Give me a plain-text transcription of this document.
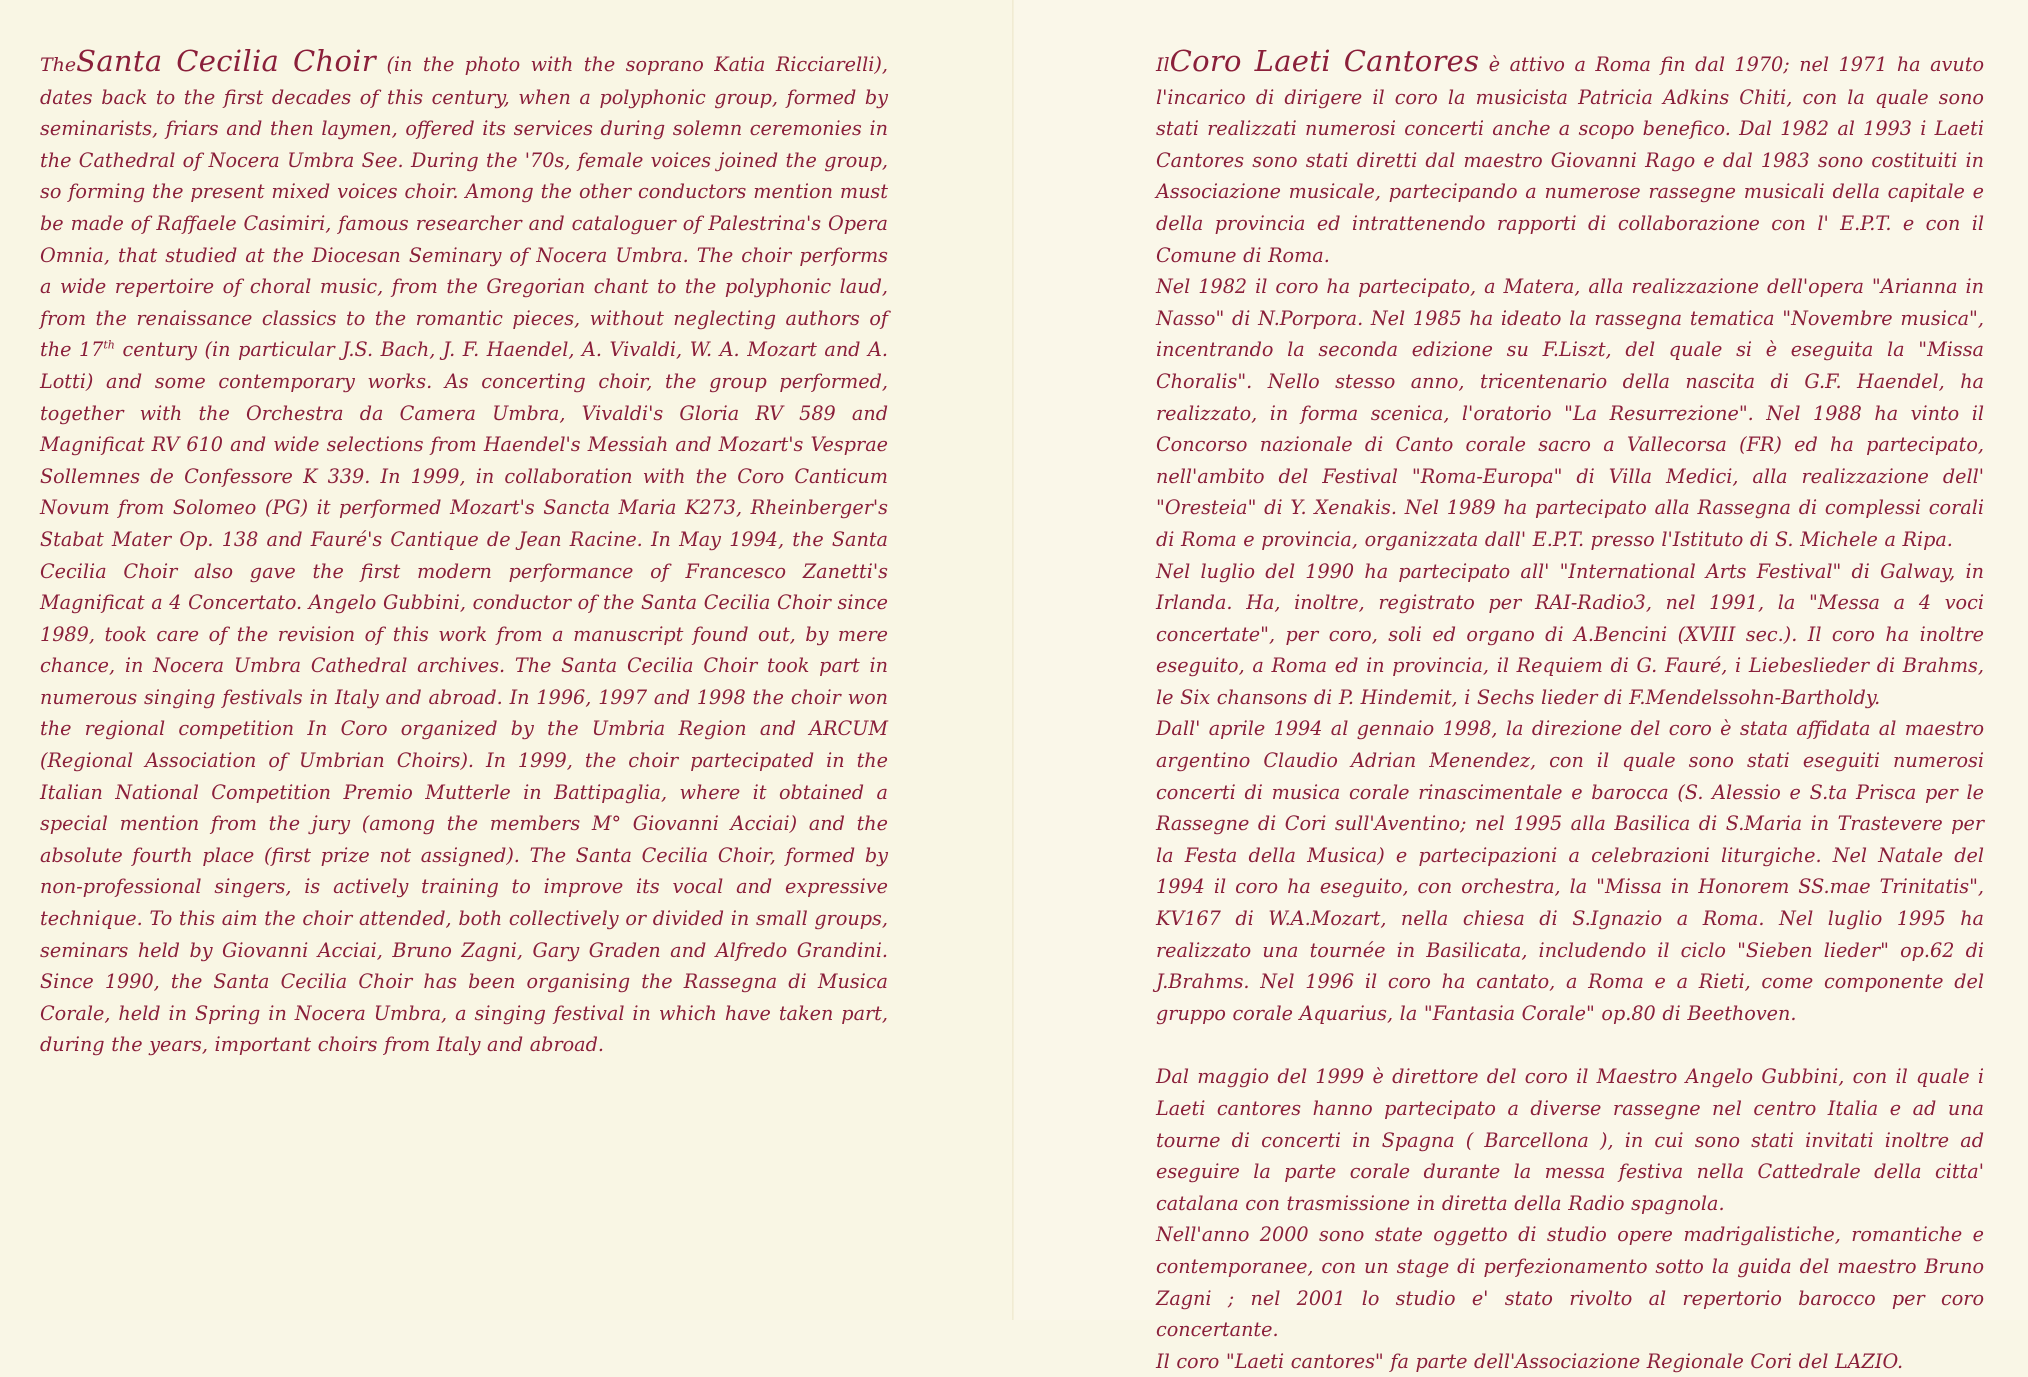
TheSanta Cecilia Choir (in the photo with the soprano Katia Ricciarelli), dates back to the first decades of this century, when a polyphonic group, formed by seminarists, friars and then laymen, offered its services during solemn ceremonies in the Cathedral of Nocera Umbra See. During the '70s, female voices joined the group, so forming the present mixed voices choir. Among the other conductors mention must be made of Raffaele Casimiri, famous researcher and cataloguer of Palestrina's Opera Omnia, that studied at the Diocesan Seminary of Nocera Umbra. The choir performs a wide repertoire of choral music, from the Gregorian chant to the polyphonic laud, from the renaissance classics to the romantic pieces, without neglecting authors of the 17th century (in particular J.S. Bach, J. F. Haendel, A. Vivaldi, W. A. Mozart and A. Lotti) and some contemporary works. As concerting choir, the group performed, together with the Orchestra da Camera Umbra, Vivaldi's Gloria RV 589 and Magnificat RV 610 and wide selections from Haendel's Messiah and Mozart's Vesprae Sollemnes de Confessore K 339. In 1999, in collaboration with the Coro Canticum Novum from Solomeo (PG) it performed Mozart's Sancta Maria K273, Rheinberger's Stabat Mater Op. 138 and Fauré's Cantique de Jean Racine. In May 1994, the Santa Cecilia Choir also gave the first modern performance of Francesco Zanetti's Magnificat a 4 Concertato. Angelo Gubbini, conductor of the Santa Cecilia Choir since 1989, took care of the revision of this work from a manuscript found out, by mere chance, in Nocera Umbra Cathedral archives. The Santa Cecilia Choir took part in numerous singing festivals in Italy and abroad. In 1996, 1997 and 1998 the choir won the regional competition In Coro organized by the Umbria Region and ARCUM (Regional Association of Umbrian Choirs). In 1999, the choir partecipated in the Italian National Competition Premio Mutterle in Battipaglia, where it obtained a special mention from the jury (among the members M° Giovanni Acciai) and the absolute fourth place (first prize not assigned). The Santa Cecilia Choir, formed by non-professional singers, is actively training to improve its vocal and expressive technique. To this aim the choir attended, both collectively or divided in small groups, seminars held by Giovanni Acciai, Bruno Zagni, Gary Graden and Alfredo Grandini. Since 1990, the Santa Cecilia Choir has been organising the Rassegna di Musica Corale, held in Spring in Nocera Umbra, a singing festival in which have taken part, during the years, important choirs from Italy and abroad.

IlCoro Laeti Cantores è attivo a Roma fin dal 1970; nel 1971 ha avuto l'incarico di dirigere il coro la musicista Patricia Adkins Chiti, con la quale sono stati realizzati numerosi concerti anche a scopo benefico. Dal 1982 al 1993 i Laeti Cantores sono stati diretti dal maestro Giovanni Rago e dal 1983 sono costituiti in Associazione musicale, partecipando a numerose rassegne musicali della capitale e della provincia ed intrattenendo rapporti di collaborazione con l' E.P.T. e con il Comune di Roma.

Nel 1982 il coro ha partecipato, a Matera, alla realizzazione dell'opera "Arianna in Nasso" di N.Porpora. Nel 1985 ha ideato la rassegna tematica "Novembre musica", incentrando la seconda edizione su F.Liszt, del quale si è eseguita la "Missa Choralis". Nello stesso anno, tricentenario della nascita di G.F. Haendel, ha realizzato, in forma scenica, l'oratorio "La Resurrezione". Nel 1988 ha vinto il Concorso nazionale di Canto corale sacro a Vallecorsa (FR) ed ha partecipato, nell'ambito del Festival "Roma-Europa" di Villa Medici, alla realizzazione dell' "Oresteia" di Y. Xenakis. Nel 1989 ha partecipato alla Rassegna di complessi corali di Roma e provincia, organizzata dall' E.P.T. presso l'Istituto di S. Michele a Ripa.

Nel luglio del 1990 ha partecipato all' "International Arts Festival" di Galway, in Irlanda. Ha, inoltre, registrato per RAI-Radio3, nel 1991, la "Messa a 4 voci concertate", per coro, soli ed organo di A.Bencini (XVIII sec.). Il coro ha inoltre eseguito, a Roma ed in provincia, il Requiem di G. Fauré, i Liebeslieder di Brahms, le Six chansons di P. Hindemit, i Sechs lieder di F.Mendelssohn-Bartholdy.

Dall' aprile 1994 al gennaio 1998, la direzione del coro è stata affidata al maestro argentino Claudio Adrian Menendez, con il quale sono stati eseguiti numerosi concerti di musica corale rinascimentale e barocca (S. Alessio e S.ta Prisca per le Rassegne di Cori sull'Aventino; nel 1995 alla Basilica di S.Maria in Trastevere per la Festa della Musica) e partecipazioni a celebrazioni liturgiche. Nel Natale del 1994 il coro ha eseguito, con orchestra, la "Missa in Honorem SS.mae Trinitatis", KV167 di W.A.Mozart, nella chiesa di S.Ignazio a Roma. Nel luglio 1995 ha realizzato una tournée in Basilicata, includendo il ciclo "Sieben lieder" op.62 di J.Brahms. Nel 1996 il coro ha cantato, a Roma e a Rieti, come componente del gruppo corale Aquarius, la "Fantasia Corale" op.80 di Beethoven.

Dal maggio del 1999 è direttore del coro il Maestro Angelo Gubbini, con il quale i Laeti cantores hanno partecipato a diverse rassegne nel centro Italia e ad una tourne di concerti in Spagna ( Barcellona ), in cui sono stati invitati inoltre ad eseguire la parte corale durante la messa festiva nella Cattedrale della citta' catalana con trasmissione in diretta della Radio spagnola.

Nell'anno 2000 sono state oggetto di studio opere madrigalistiche, romantiche e contemporanee, con un stage di perfezionamento sotto la guida del maestro Bruno Zagni ; nel 2001 lo studio e' stato rivolto al repertorio barocco per coro concertante.

Il coro "Laeti cantores" fa parte dell'Associazione Regionale Cori del LAZIO.
